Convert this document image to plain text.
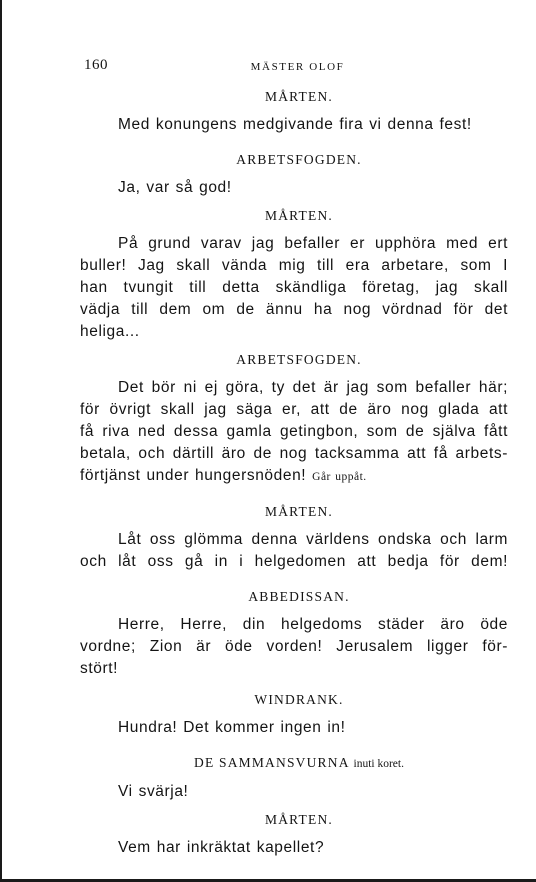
160	MÄSTER OLOF

MÅRTEN.

Med konungens medgivande fira vi denna fest!

ARBETSFOGDEN.

Ja, var så god!

MÅRTEN.

På grund varav jag befaller er upphöra med ert
buller! Jag skall vända mig till era arbetare, som I
han tvungit till detta skändliga företag, jag skall
vädja till dem om de ännu ha nog vördnad för det
heliga...

ARBETSFOGDEN.

Det bör ni ej göra, ty det är jag som befaller här;
för övrigt skall jag säga er, att de äro nog glada att
få riva ned dessa gamla getingbon, som de själva fått
betala, och därtill äro de nog tacksamma att få arbets-
förtjänst under hungersnöden! Går uppåt.

MÅRTEN.

Låt oss glömma denna världens ondska och larm
och låt oss gå in i helgedomen att bedja för dem!

ABBEDISSAN.

Herre, Herre, din helgedoms städer äro öde
vordne; Zion är öde vorden! Jerusalem ligger för-
stört!

WINDRANK.

Hundra! Det kommer ingen in!

DE SAMMANSVURNA inuti koret.

Vi svärja!

MÅRTEN.

Vem har inkräktat kapellet?
